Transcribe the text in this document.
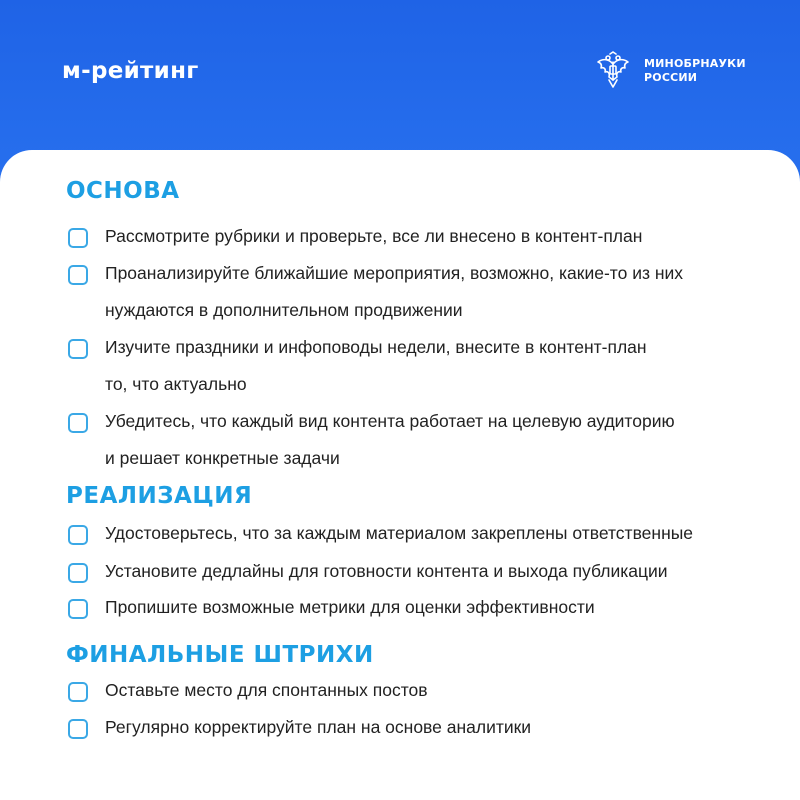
м-рейтинг	МИНОБРНАУКИ
РОССИИ
ОСНОВА
Рассмотрите рубрики и проверьте, все ли внесено в контент-план
Проанализируйте ближайшие мероприятия, возможно, какие-то из них
нуждаются в дополнительном продвижении
Изучите праздники и инфоповоды недели, внесите в контент-план
то, что актуально
Убедитесь, что каждый вид контента работает на целевую аудиторию
и решает конкретные задачи
РЕАЛИЗАЦИЯ
Удостоверьтесь, что за каждым материалом закреплены ответственные
Установите дедлайны для готовности контента и выхода публикации
Пропишите возможные метрики для оценки эффективности
ФИНАЛЬНЫЕ ШТРИХИ
Оставьте место для спонтанных постов
Регулярно корректируйте план на основе аналитики
